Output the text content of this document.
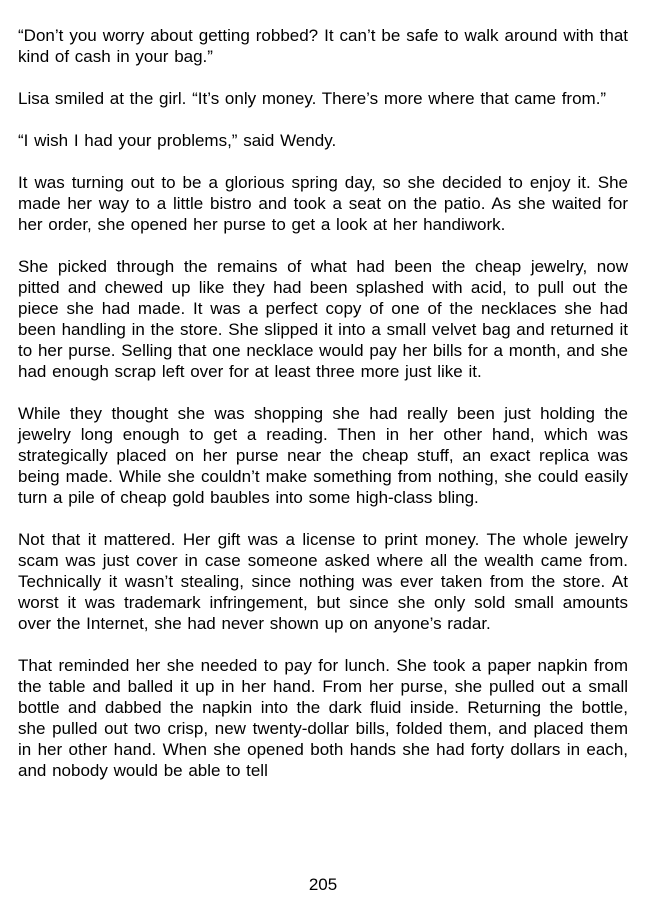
“Don’t you worry about getting robbed? It can’t be safe to walk around with that kind of cash in your bag.”

Lisa smiled at the girl. “It’s only money. There’s more where that came from.”

“I wish I had your problems,” said Wendy.

It was turning out to be a glorious spring day, so she decided to enjoy it. She made her way to a little bistro and took a seat on the patio. As she waited for her order, she opened her purse to get a look at her handiwork.

She picked through the remains of what had been the cheap jewelry, now pitted and chewed up like they had been splashed with acid, to pull out the piece she had made. It was a perfect copy of one of the necklaces she had been handling in the store. She slipped it into a small velvet bag and returned it to her purse. Selling that one necklace would pay her bills for a month, and she had enough scrap left over for at least three more just like it.

While they thought she was shopping she had really been just holding the jewelry long enough to get a reading. Then in her other hand, which was strategically placed on her purse near the cheap stuff, an exact replica was being made. While she couldn’t make something from nothing, she could easily turn a pile of cheap gold baubles into some high-class bling.

Not that it mattered. Her gift was a license to print money. The whole jewelry scam was just cover in case someone asked where all the wealth came from. Technically it wasn’t stealing, since nothing was ever taken from the store. At worst it was trademark infringement, but since she only sold small amounts over the Internet, she had never shown up on anyone’s radar.

That reminded her she needed to pay for lunch. She took a paper napkin from the table and balled it up in her hand. From her purse, she pulled out a small bottle and dabbed the napkin into the dark fluid inside. Returning the bottle, she pulled out two crisp, new twenty-dollar bills, folded them, and placed them in her other hand. When she opened both hands she had forty dollars in each, and nobody would be able to tell

205
